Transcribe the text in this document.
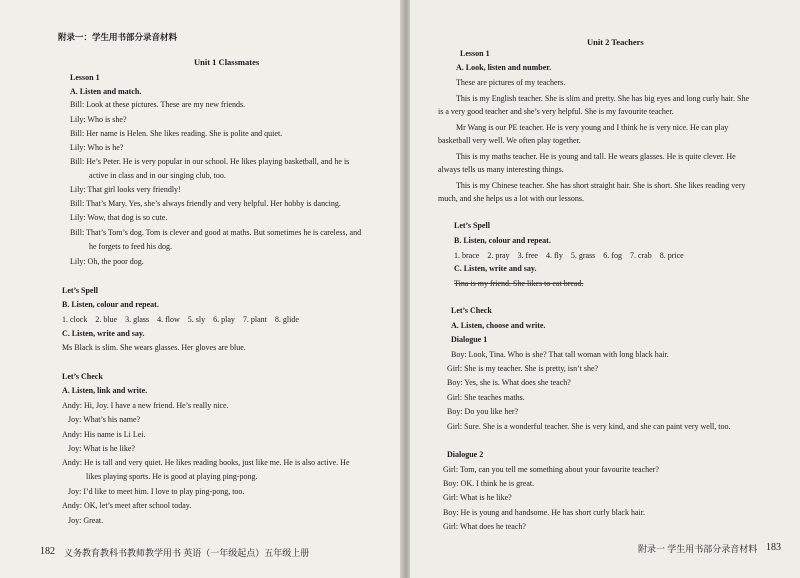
附录一：学生用书部分录音材料
Unit 1 Classmates
Lesson 1
A. Listen and match.
Bill: Look at these pictures. These are my new friends.
Lily: Who is she?
Bill: Her name is Helen. She likes reading. She is polite and quiet.
Lily: Who is he?
Bill: He’s Peter. He is very popular in our school. He likes playing basketball, and he is
active in class and in our singing club, too.
Lily: That girl looks very friendly!
Bill: That’s Mary. Yes, she’s always friendly and very helpful. Her hobby is dancing.
Lily: Wow, that dog is so cute.
Bill: That’s Tom’s dog. Tom is clever and good at maths. But sometimes he is careless, and
he forgets to feed his dog.
Lily: Oh, the poor dog.
Let’s Spell
B. Listen, colour and repeat.
1. clock    2. blue    3. glass    4. flow    5. sly    6. play    7. plant    8. glide
C. Listen, write and say.
Ms Black is slim. She wears glasses. Her gloves are blue.
Let’s Check
A. Listen, link and write.
Andy: Hi, Joy. I have a new friend. He’s really nice.
Joy: What’s his name?
Andy: His name is Li Lei.
Joy: What is he like?
Andy: He is tall and very quiet. He likes reading books, just like me. He is also active. He
likes playing sports. He is good at playing ping-pong.
Joy: I’d like to meet him. I love to play ping-pong, too.
Andy: OK, let’s meet after school today.
Joy: Great.
182 义务教育教科书教师教学用书 英语（一年级起点）五年级上册
Unit 2 Teachers
Lesson 1
A. Look, listen and number.
These are pictures of my teachers.
This is my English teacher. She is slim and pretty. She has big eyes and long curly hair. She
is a very good teacher and she’s very helpful. She is my favourite teacher.
Mr Wang is our PE teacher. He is very young and I think he is very nice. He can play
basketball very well. We often play together.
This is my maths teacher. He is young and tall. He wears glasses. He is quite clever. He
always tells us many interesting things.
This is my Chinese teacher. She has short straight hair. She is short. She likes reading very
much, and she helps us a lot with our lessons.
Let’s Spell
B. Listen, colour and repeat.
1. brace    2. pray    3. free    4. fly    5. grass    6. fog    7. crab    8. price
C. Listen, write and say.
Tina is my friend. She likes to eat bread.
Let’s Check
A. Listen, choose and write.
Dialogue 1
Boy: Look, Tina. Who is she? That tall woman with long black hair.
Girl: She is my teacher. She is pretty, isn’t she?
Boy: Yes, she is. What does she teach?
Girl: She teaches maths.
Boy: Do you like her?
Girl: Sure. She is a wonderful teacher. She is very kind, and she can paint very well, too.
Dialogue 2
Girl: Tom, can you tell me something about your favourite teacher?
Boy: OK. I think he is great.
Girl: What is he like?
Boy: He is young and handsome. He has short curly black hair.
Girl: What does he teach?
附录一 学生用书部分录音材料 183
